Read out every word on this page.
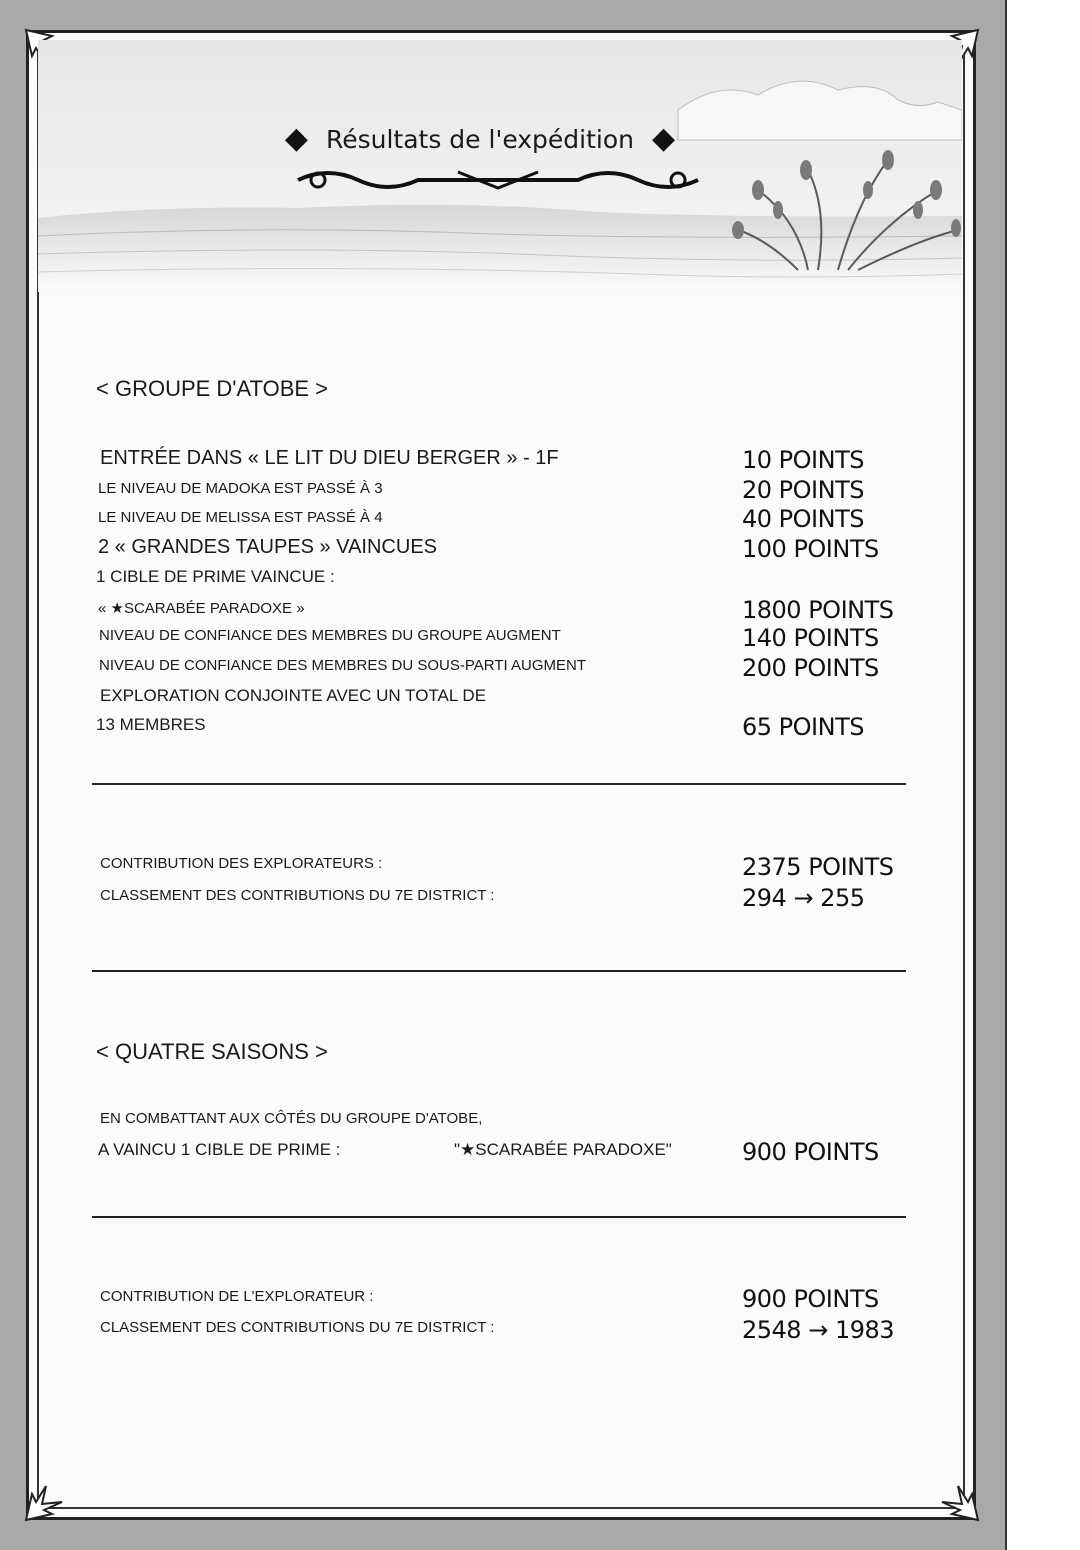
◆ Résultats de l'expédition ◆
< GROUPE D'ATOBE >
ENTRÉE DANS « LE LIT DU DIEU BERGER » - 1F	10 POINTS
LE NIVEAU DE MADOKA EST PASSÉ À 3	20 POINTS
LE NIVEAU DE MELISSA EST PASSÉ À 4	40 POINTS
2 « GRANDES TAUPES » VAINCUES	100 POINTS
1 CIBLE DE PRIME VAINCUE :
« ★SCARABÉE PARADOXE »	1800 POINTS
NIVEAU DE CONFIANCE DES MEMBRES DU GROUPE AUGMENT	140 POINTS
NIVEAU DE CONFIANCE DES MEMBRES DU SOUS-PARTI AUGMENT	200 POINTS
EXPLORATION CONJOINTE AVEC UN TOTAL DE
13 MEMBRES	65 POINTS
CONTRIBUTION DES EXPLORATEURS :	2375 POINTS
CLASSEMENT DES CONTRIBUTIONS DU 7E DISTRICT :	294 → 255
< QUATRE SAISONS >
EN COMBATTANT AUX CÔTÉS DU GROUPE D'ATOBE,
A VAINCU 1 CIBLE DE PRIME :	"★SCARABÉE PARADOXE"	900 POINTS
CONTRIBUTION DE L'EXPLORATEUR :	900 POINTS
CLASSEMENT DES CONTRIBUTIONS DU 7E DISTRICT :	2548 → 1983
